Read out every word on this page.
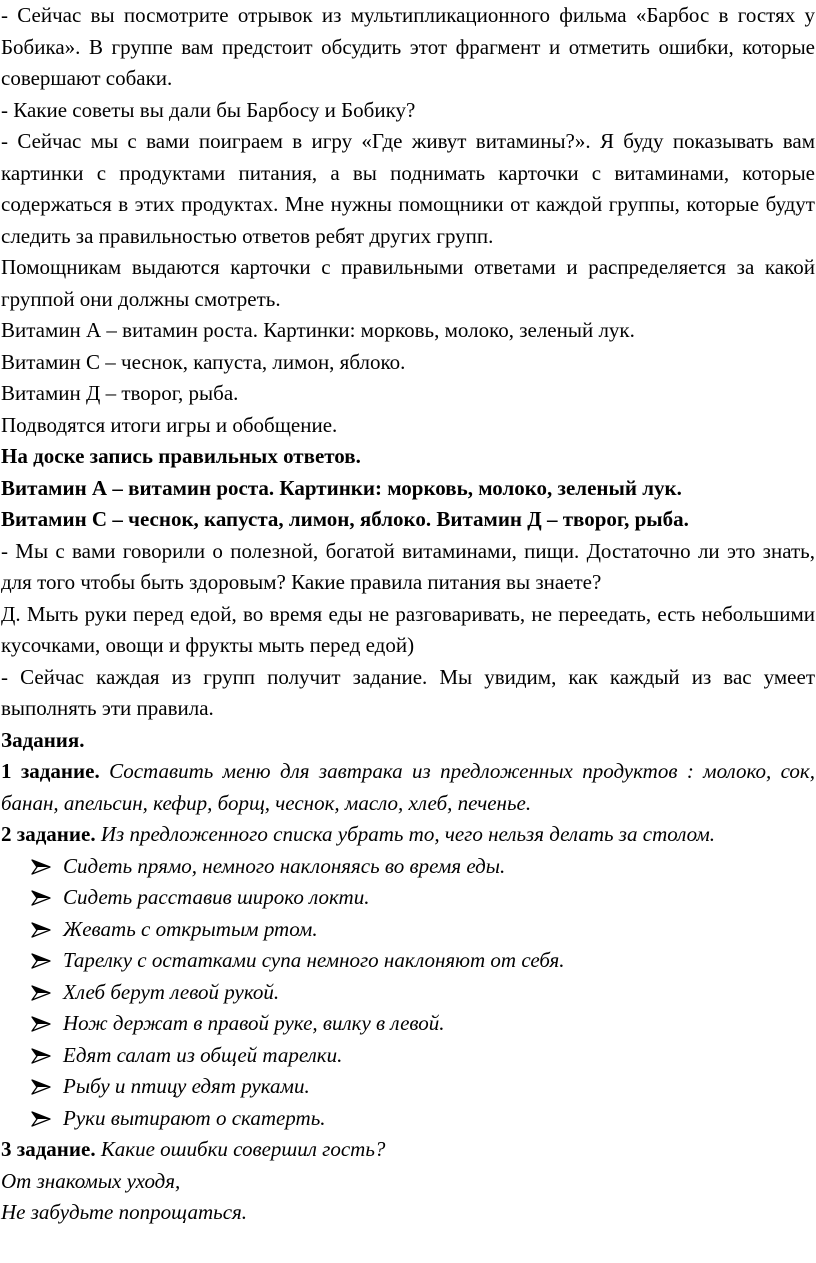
- Сейчас вы посмотрите отрывок из мультипликационного фильма «Барбос в гостях у Бобика». В группе вам предстоит обсудить этот фрагмент и отметить ошибки, которые совершают собаки.

- Какие советы вы дали бы Барбосу и Бобику?

- Сейчас мы с вами поиграем в игру «Где живут витамины?». Я буду показывать вам картинки с продуктами питания, а вы поднимать карточки с витаминами, которые содержаться в этих продуктах. Мне нужны помощники от каждой группы, которые будут следить за правильностью ответов ребят других групп.

Помощникам выдаются карточки с правильными ответами и распределяется за какой группой они должны смотреть.

Витамин А – витамин роста. Картинки: морковь, молоко, зеленый лук.

Витамин С – чеснок, капуста, лимон, яблоко.

Витамин Д – творог, рыба.

Подводятся итоги игры и обобщение.

На доске запись правильных ответов.

Витамин А – витамин роста. Картинки: морковь, молоко, зеленый лук.

Витамин С – чеснок, капуста, лимон, яблоко. Витамин Д – творог, рыба.

- Мы с вами говорили о полезной, богатой витаминами, пищи. Достаточно ли это знать, для того чтобы быть здоровым? Какие правила питания вы знаете?

Д. Мыть руки перед едой, во время еды не разговаривать, не переедать, есть небольшими кусочками, овощи и фрукты мыть перед едой)

- Сейчас каждая из групп получит задание. Мы увидим, как каждый из вас умеет выполнять эти правила.

Задания.

1 задание. Составить меню для завтрака из предложенных продуктов : молоко, сок, банан, апельсин, кефир, борщ, чеснок, масло, хлеб, печенье.

2 задание. Из предложенного списка убрать то, чего нельзя делать за столом.

Сидеть прямо, немного наклоняясь во время еды.
Сидеть расставив широко локти.
Жевать с открытым ртом.
Тарелку с остатками супа немного наклоняют от себя.
Хлеб берут левой рукой.
Нож держат в правой руке, вилку в левой.
Едят салат из общей тарелки.
Рыбу и птицу едят руками.
Руки вытирают о скатерть.

3 задание. Какие ошибки совершил гость?

От знакомых уходя,

Не забудьте попрощаться.
